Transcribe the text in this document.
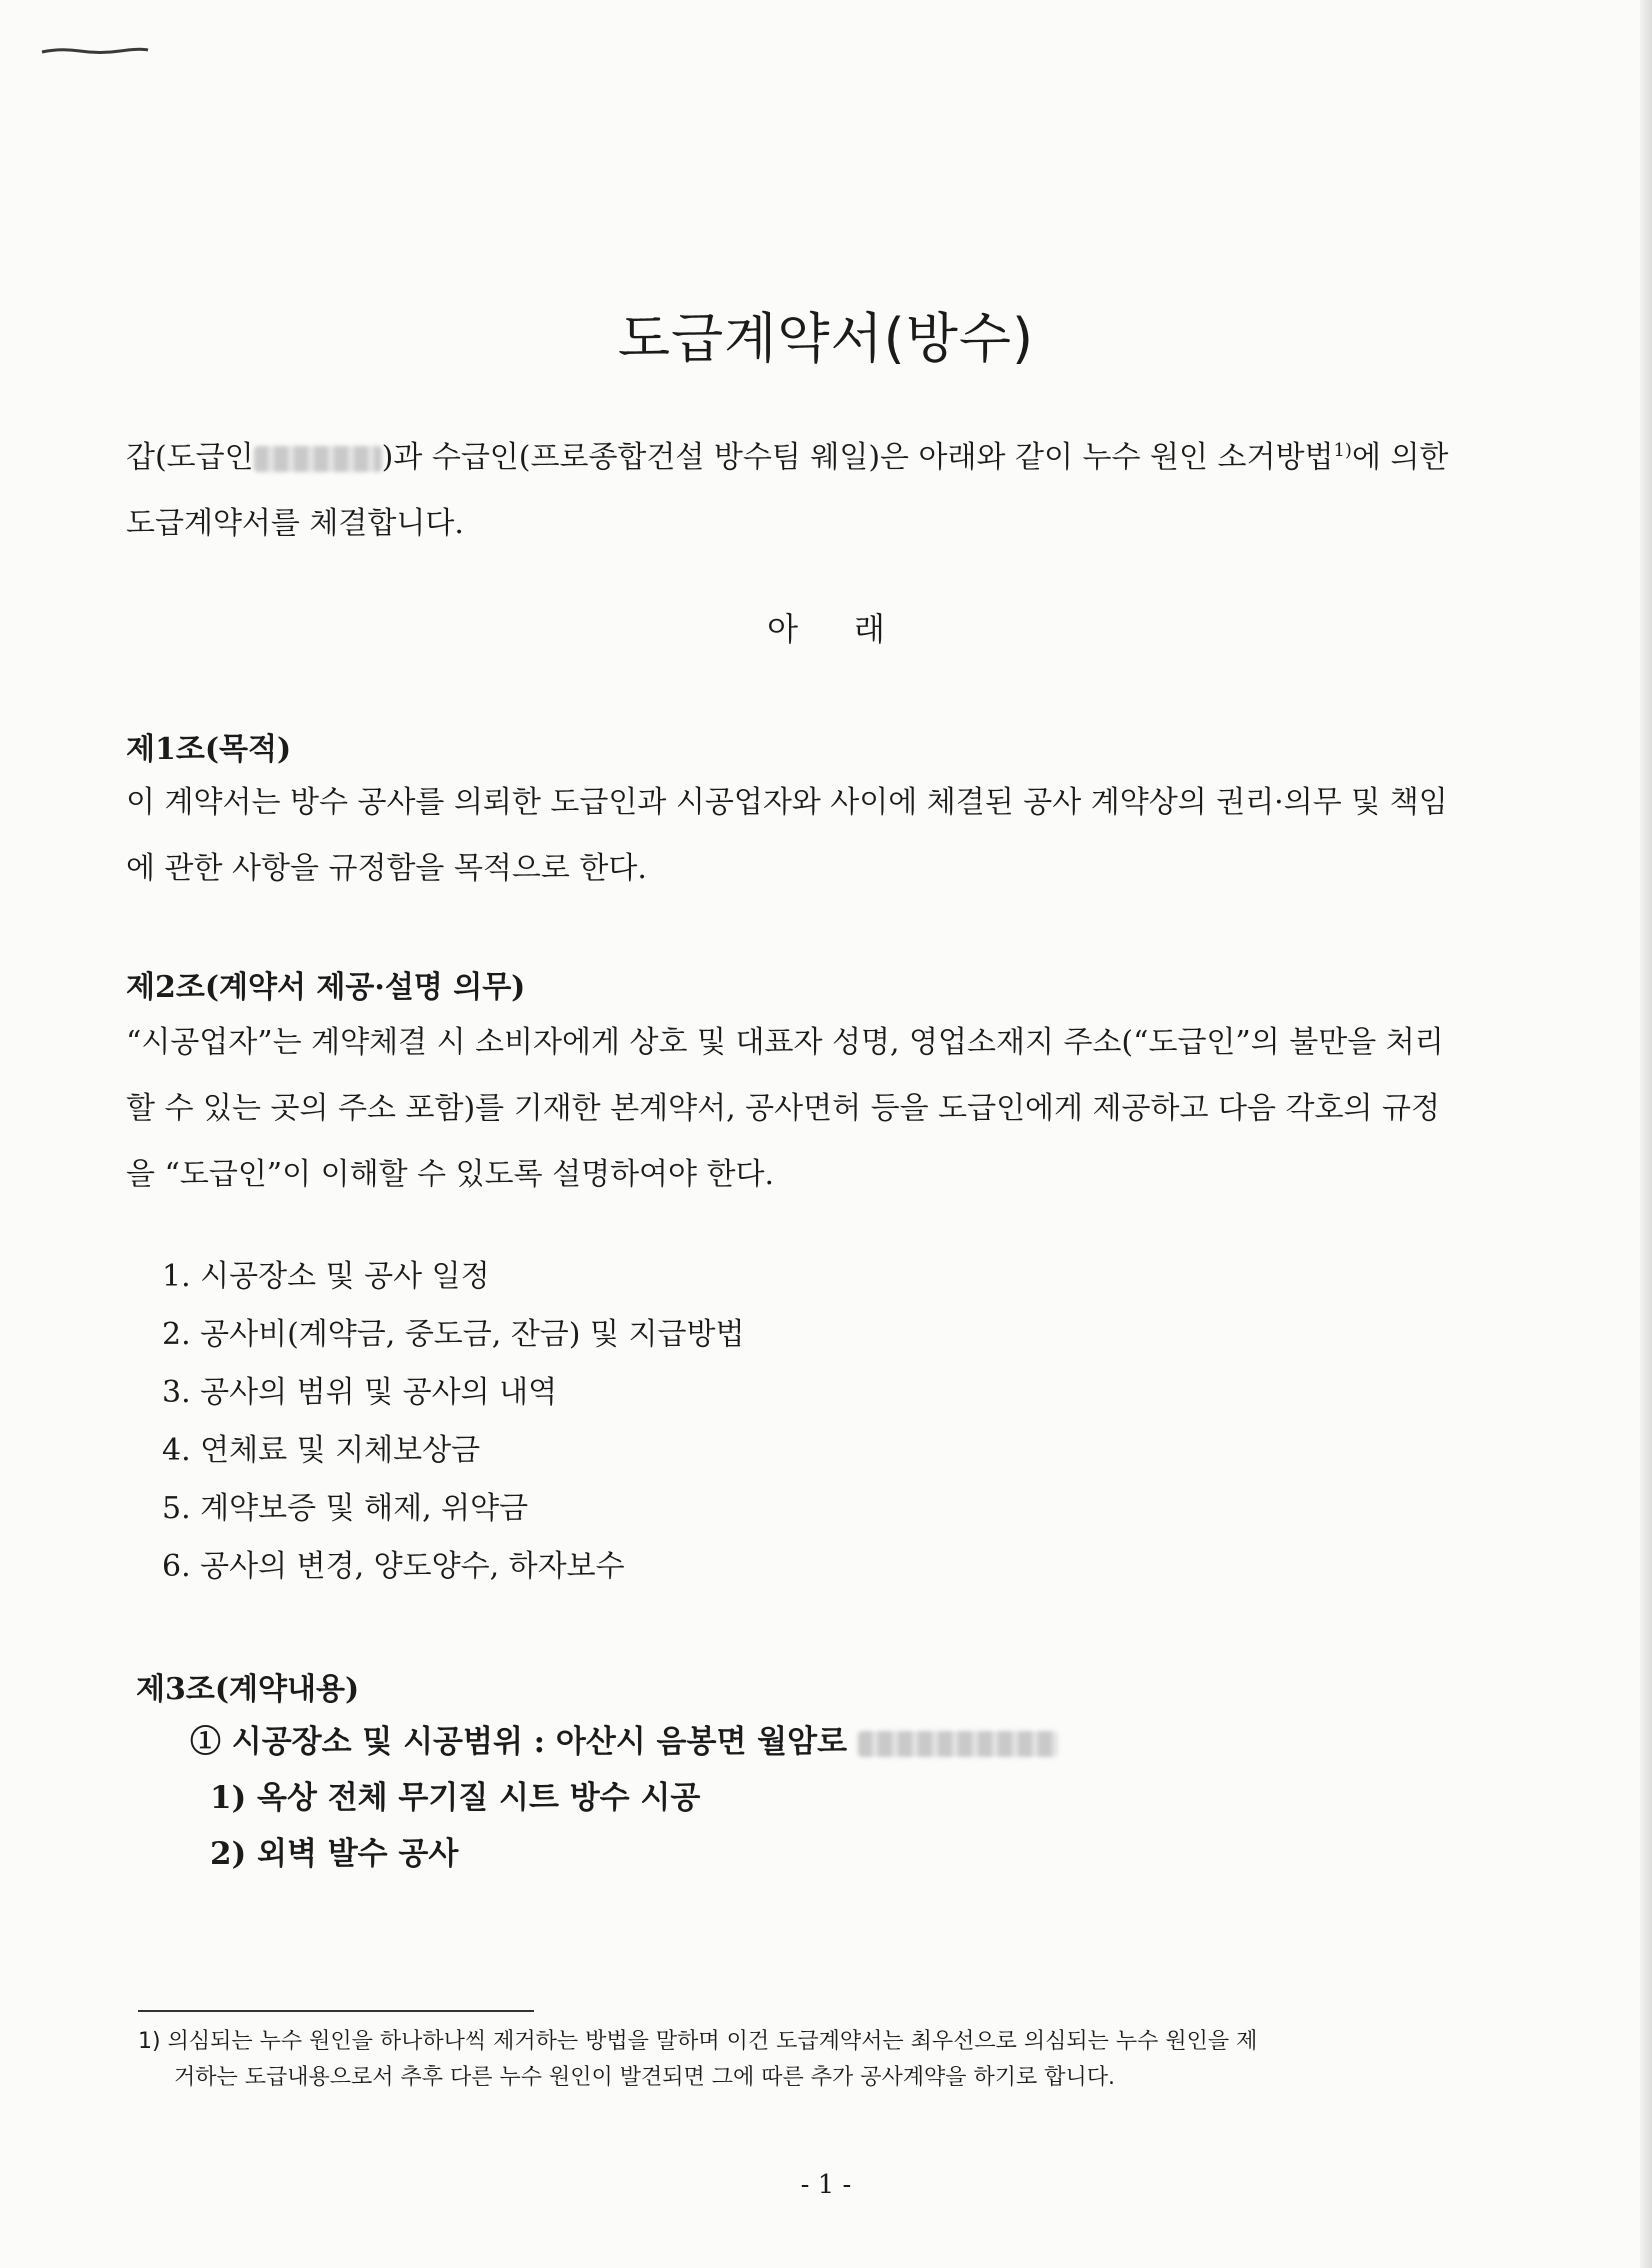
도급계약서(방수)
갑(도급인	)과 수급인(프로종합건설 방수팀 웨일)은 아래와 같이 누수 원인 소거방법$^{1)}$에 의한 도급계약서를 체결합니다.
아 래
제1조(목적)
이 계약서는 방수 공사를 의뢰한 도급인과 시공업자와 사이에 체결된 공사 계약상의 권리·의무 및 책임에 관한 사항을 규정함을 목적으로 한다.
제2조(계약서 제공·설명 의무)
“시공업자”는 계약체결 시 소비자에게 상호 및 대표자 성명, 영업소재지 주소(“도급인”의 불만을 처리할 수 있는 곳의 주소 포함)를 기재한 본계약서, 공사면허 등을 도급인에게 제공하고 다음 각호의 규정을 “도급인”이 이해할 수 있도록 설명하여야 한다.
1. 시공장소 및 공사 일정
2. 공사비(계약금, 중도금, 잔금) 및 지급방법
3. 공사의 범위 및 공사의 내역
4. 연체료 및 지체보상금
5. 계약보증 및 해제, 위약금
6. 공사의 변경, 양도양수, 하자보수
제3조(계약내용)
① 시공장소 및 시공범위 : 아산시 음봉면 월암로
1) 옥상 전체 무기질 시트 방수 시공
2) 외벽 발수 공사
1) 의심되는 누수 원인을 하나하나씩 제거하는 방법을 말하며 이건 도급계약서는 최우선으로 의심되는 누수 원인을 제
거하는 도급내용으로서 추후 다른 누수 원인이 발견되면 그에 따른 추가 공사계약을 하기로 합니다.
- 1 -
